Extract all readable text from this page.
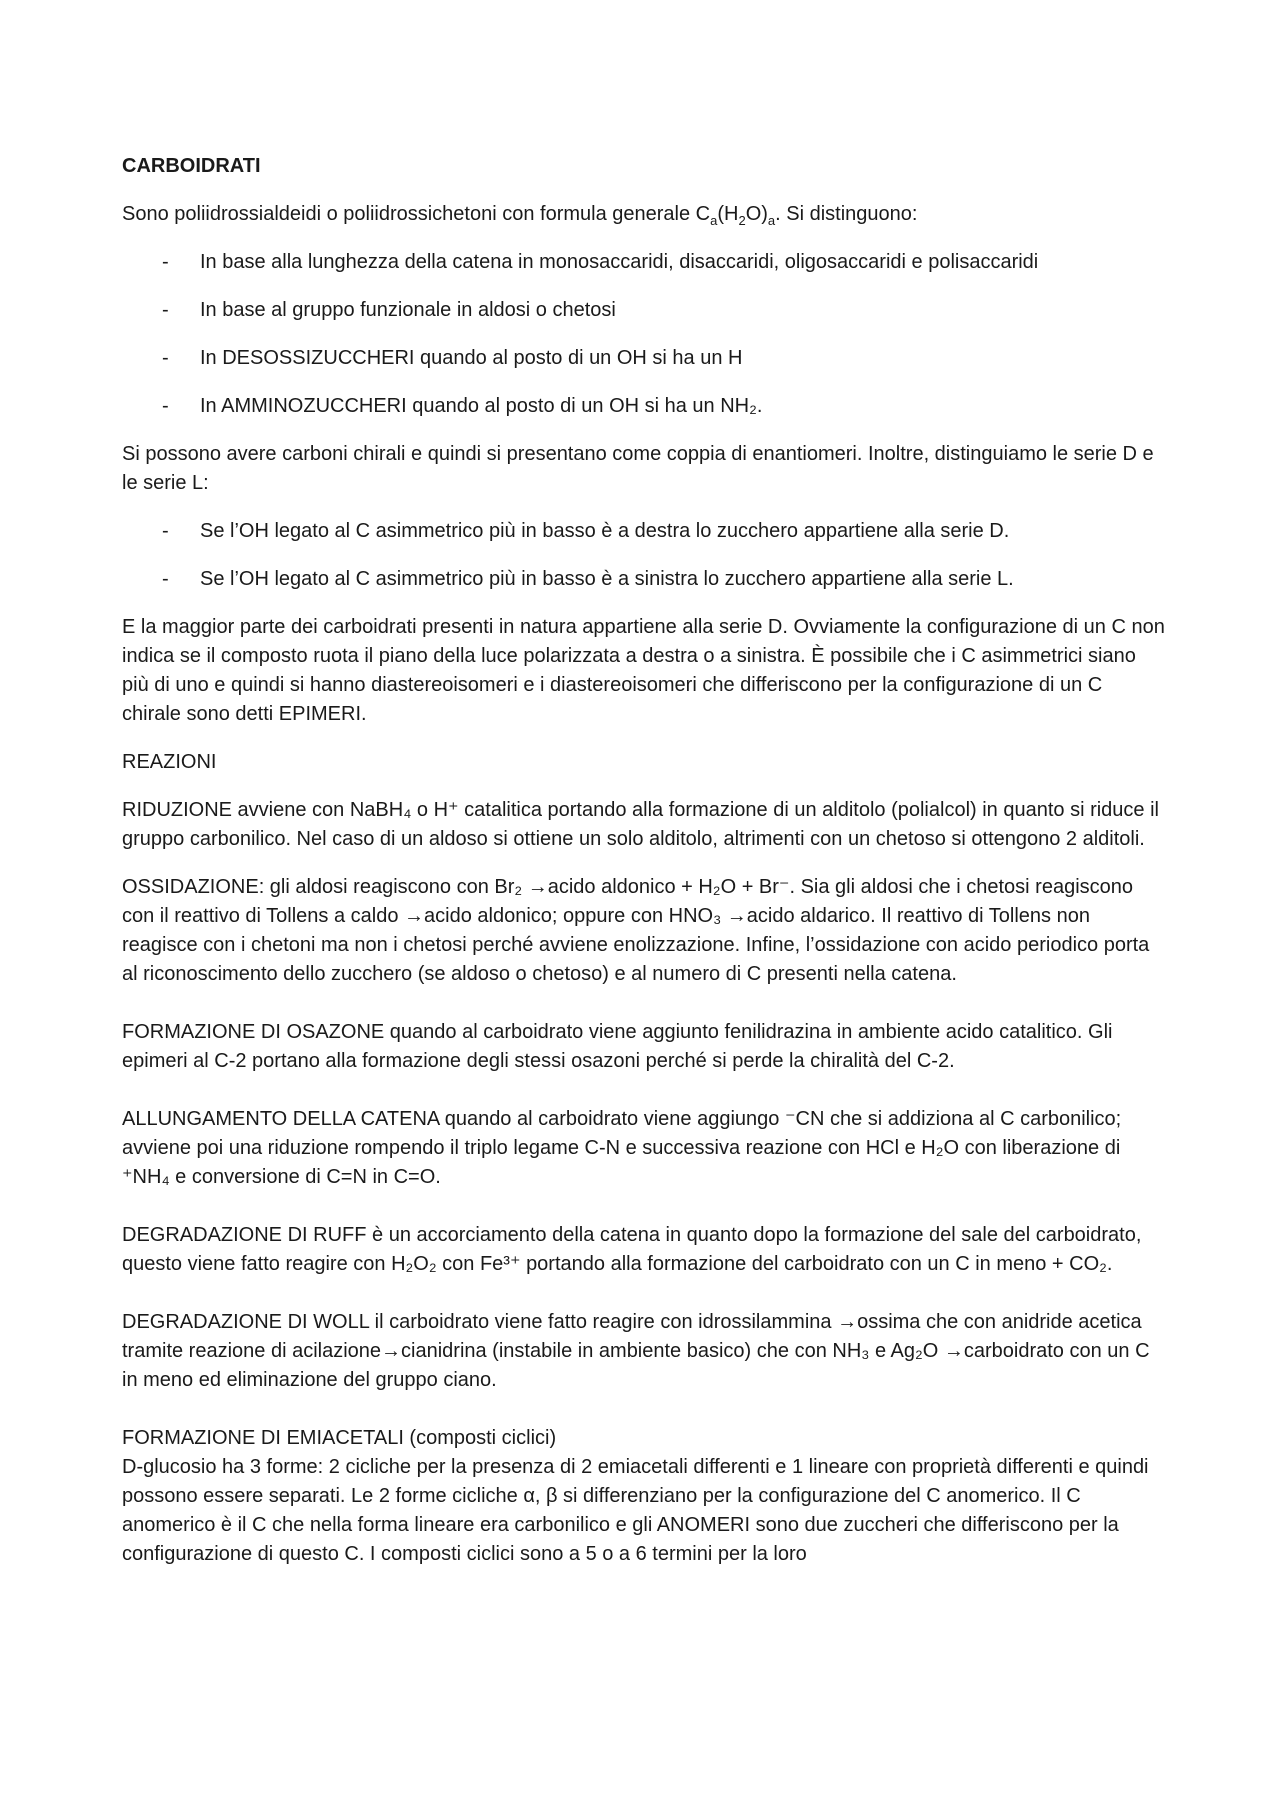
CARBOIDRATI

Sono poliidrossialdeidi o poliidrossichetoni con formula generale $C_a(H_2O)_a$. Si distinguono:

- In base alla lunghezza della catena in monosaccaridi, disaccaridi, oligosaccaridi e polisaccaridi
- In base al gruppo funzionale in aldosi o chetosi
- In DESOSSIZUCCHERI quando al posto di un OH si ha un H
- In AMMINOZUCCHERI quando al posto di un OH si ha un NH₂.

Si possono avere carboni chirali e quindi si presentano come coppia di enantiomeri. Inoltre, distinguiamo le serie D e le serie L:

- Se l’OH legato al C asimmetrico più in basso è a destra lo zucchero appartiene alla serie D.
- Se l’OH legato al C asimmetrico più in basso è a sinistra lo zucchero appartiene alla serie L.

E la maggior parte dei carboidrati presenti in natura appartiene alla serie D. Ovviamente la configurazione di un C non indica se il composto ruota il piano della luce polarizzata a destra o a sinistra. È possibile che i C asimmetrici siano più di uno e quindi si hanno diastereoisomeri e i diastereoisomeri che differiscono per la configurazione di un C chirale sono detti EPIMERI.

REAZIONI

RIDUZIONE avviene con NaBH₄ o H⁺ catalitica portando alla formazione di un alditolo (polialcol) in quanto si riduce il gruppo carbonilico. Nel caso di un aldoso si ottiene un solo alditolo, altrimenti con un chetoso si ottengono 2 alditoli.

OSSIDAZIONE: gli aldosi reagiscono con Br₂ →acido aldonico + H₂O + Br⁻. Sia gli aldosi che i chetosi reagiscono con il reattivo di Tollens a caldo →acido aldonico; oppure con HNO₃ →acido aldarico. Il reattivo di Tollens non reagisce con i chetoni ma non i chetosi perché avviene enolizzazione. Infine, l’ossidazione con acido periodico porta al riconoscimento dello zucchero (se aldoso o chetoso) e al numero di C presenti nella catena.

FORMAZIONE DI OSAZONE quando al carboidrato viene aggiunto fenilidrazina in ambiente acido catalitico. Gli epimeri al C-2 portano alla formazione degli stessi osazoni perché si perde la chiralità del C-2.

ALLUNGAMENTO DELLA CATENA quando al carboidrato viene aggiungo ⁻CN che si addiziona al C carbonilico; avviene poi una riduzione rompendo il triplo legame C-N e successiva reazione con HCl e H₂O con liberazione di ⁺NH₄ e conversione di C=N in C=O.

DEGRADAZIONE DI RUFF è un accorciamento della catena in quanto dopo la formazione del sale del carboidrato, questo viene fatto reagire con H₂O₂ con Fe³⁺ portando alla formazione del carboidrato con un C in meno + CO₂.

DEGRADAZIONE DI WOLL il carboidrato viene fatto reagire con idrossilammina →ossima che con anidride acetica tramite reazione di acilazione→cianidrina (instabile in ambiente basico) che con NH₃ e Ag₂O →carboidrato con un C in meno ed eliminazione del gruppo ciano.

FORMAZIONE DI EMIACETALI (composti ciclici)

D-glucosio ha 3 forme: 2 cicliche per la presenza di 2 emiacetali differenti e 1 lineare con proprietà differenti e quindi possono essere separati. Le 2 forme cicliche α, β si differenziano per la configurazione del C anomerico. Il C anomerico è il C che nella forma lineare era carbonilico e gli ANOMERI sono due zuccheri che differiscono per la configurazione di questo C. I composti ciclici sono a 5 o a 6 termini per la loro
